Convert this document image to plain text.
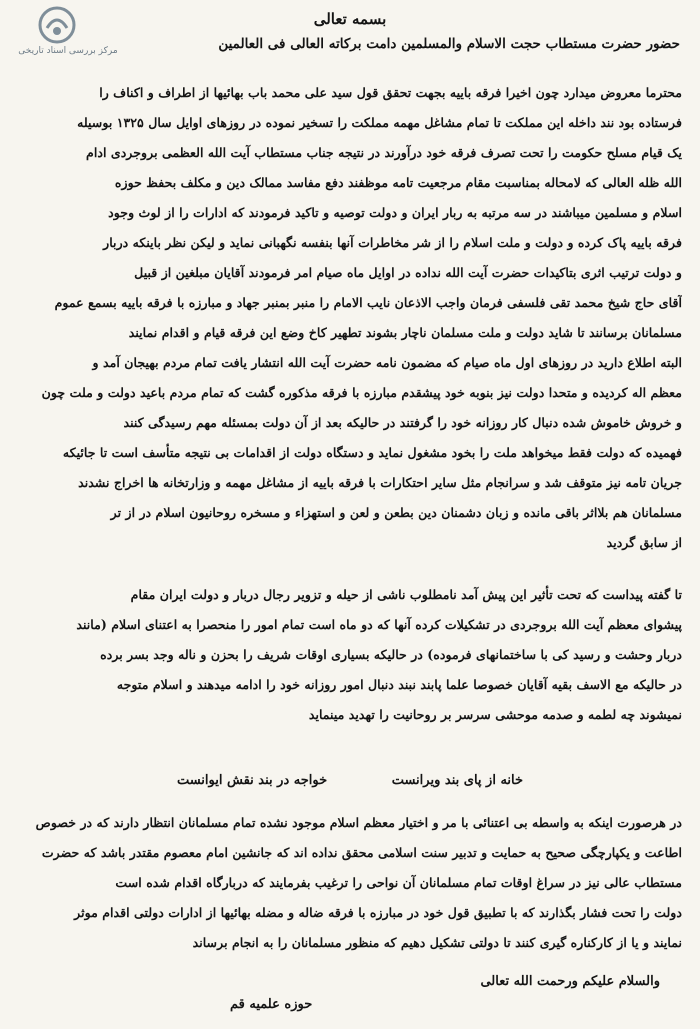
مرکز بررسی اسناد تاریخی
بسمه تعالی
حضور حضرت مستطاب حجت الاسلام والمسلمین دامت برکاته العالی فی العالمین
محترما معروض میدارد چون اخیرا فرقه باییه بجهت تحقق قول سید علی محمد باب بهائیها از اطراف و اکناف را
فرستاده بود نند داخله این مملکت تا تمام مشاغل مهمه مملکت را تسخیر نموده در روزهای اوایل سال ۱۳۲۵ بوسیله
یک قیام مسلح حکومت را تحت تصرف فرقه خود درآورند در نتیجه جناب مستطاب آیت الله العظمی بروجردی ادام
الله ظله العالی که لامحاله بمناسبت مقام مرجعیت تامه موظفند دفع مفاسد ممالک دین و مکلف بحفظ حوزه
اسلام و مسلمین میباشند در سه مرتبه به ربار ایران و دولت توصیه و تاکید فرمودند که ادارات را از لوث وجود
فرقه باییه پاک کرده و دولت و ملت اسلام را از شر مخاطرات آنها بنفسه نگهبانی نماید و لیکن نظر باینکه دربار
و دولت ترتیب اثری بتاکیدات حضرت آیت الله نداده در اوایل ماه صیام امر فرمودند آقایان مبلغین از قبیل
آقای حاج شیخ محمد تقی فلسفی فرمان واجب الاذعان نایب الامام را منبر بمنبر جهاد و مبارزه با فرقه باییه بسمع عموم
مسلمانان برسانند تا شاید دولت و ملت مسلمان ناچار بشوند تطهیر کاخ وضع این فرقه قیام و اقدام نمایند
البته اطلاع دارید در روزهای اول ماه صیام که مضمون نامه حضرت آیت الله انتشار یافت تمام مردم بهیجان آمد و
معظم اله کردیده و متحدا دولت نیز بنوبه خود پیشقدم مبارزه با فرقه مذکوره گشت که تمام مردم باعید دولت و ملت چون
و خروش خاموش شده دنبال کار روزانه خود را گرفتند در حالیکه بعد از آن دولت بمسئله مهم رسیدگی کنند
فهمیده که دولت فقط میخواهد ملت را بخود مشغول نماید و دستگاه دولت از اقدامات بی نتیجه متأسف است تا جائیکه
جریان تامه نیز متوقف شد و سرانجام مثل سایر احتکارات با فرقه باییه از مشاغل مهمه و وزارتخانه ها اخراج نشدند
مسلمانان هم بلااثر باقی مانده و زبان دشمنان دین بطعن و لعن و استهزاء و مسخره روحانیون اسلام در از تر
از سابق گردید
تا گفته پیداست که تحت تأثیر این پیش آمد نامطلوب ناشی از حیله و تزویر رجال دربار و دولت ایران مقام
پیشوای معظم آیت الله بروجردی در تشکیلات کرده آنها که دو ماه است تمام امور را منحصرا به اعتنای اسلام (مانند
دربار وحشت و رسید کی با ساختمانهای فرموده) در حالیکه بسیاری اوقات شریف را بحزن و ناله وجد بسر برده
در حالیکه مع الاسف بقیه آقایان خصوصا علما پابند نبند دنبال امور روزانه خود را ادامه میدهند و اسلام متوجه
نمیشوند چه لطمه و صدمه موحشی سرسر بر روحانیت را تهدید مینماید
خانه از پای بند ویرانست خواجه در بند نقش ایوانست
در هرصورت اینکه به واسطه بی اعتنائی با مر و اختیار معظم اسلام موجود نشده تمام مسلمانان انتظار دارند که در خصوص
اطاعت و یکپارچگی صحیح به حمایت و تدبیر سنت اسلامی محقق نداده اند که جانشین امام معصوم مقتدر باشد که حضرت
مستطاب عالی نیز در سراغ اوقات تمام مسلمانان آن نواحی را ترغیب بفرمایند که دربارگاه اقدام شده است
دولت را تحت فشار بگذارند که با تطبیق قول خود در مبارزه با فرقه ضاله و مضله بهائیها از ادارات دولتی اقدام موثر
نمایند و یا از کارکناره گیری کنند تا دولتی تشکیل دهیم که منظور مسلمانان را به انجام برساند
والسلام علیکم ورحمت الله تعالی
حوزه علمیه قم
